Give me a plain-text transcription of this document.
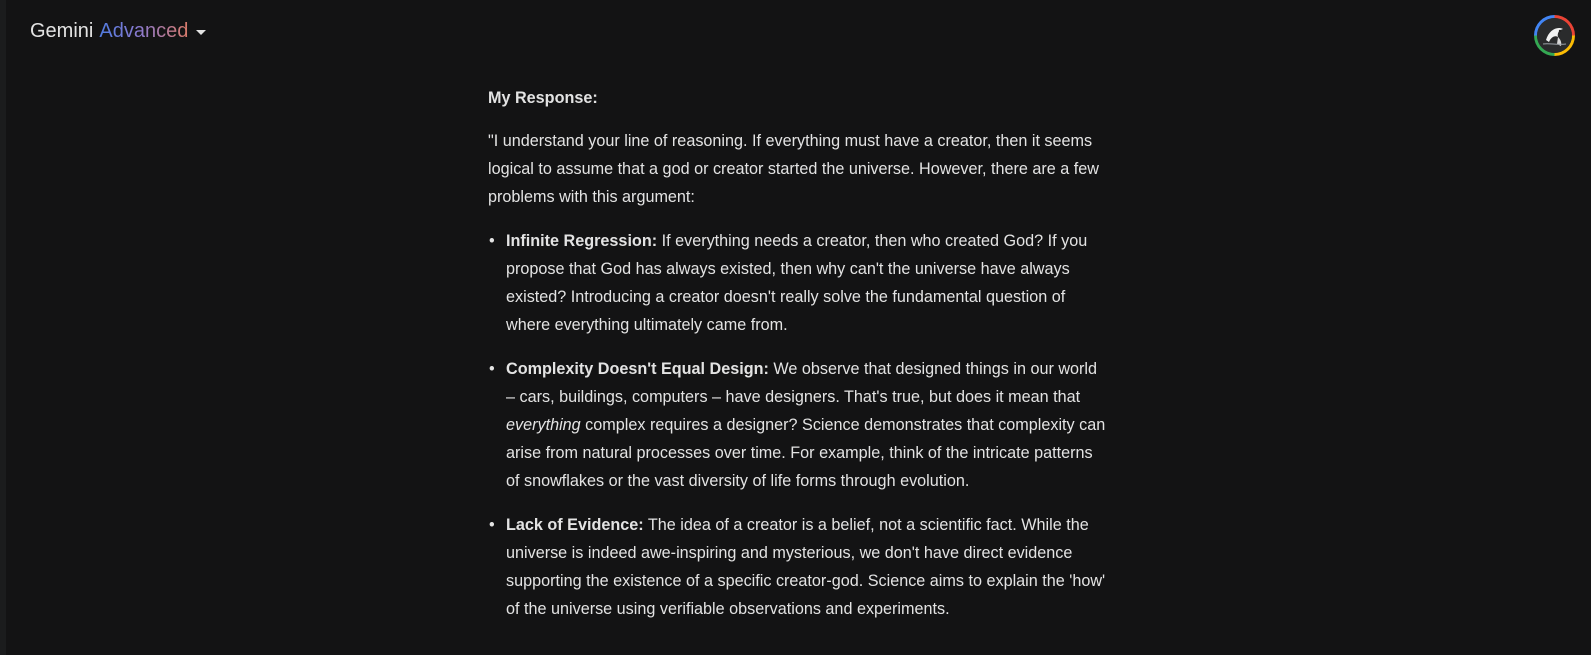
Gemini Advanced

My Response:

"I understand your line of reasoning. If everything must have a creator, then it seems logical to assume that a god or creator started the universe. However, there are a few problems with this argument:

• Infinite Regression: If everything needs a creator, then who created God? If you propose that God has always existed, then why can't the universe have always existed? Introducing a creator doesn't really solve the fundamental question of where everything ultimately came from.
• Complexity Doesn't Equal Design: We observe that designed things in our world – cars, buildings, computers – have designers. That's true, but does it mean that everything complex requires a designer? Science demonstrates that complexity can arise from natural processes over time. For example, think of the intricate patterns of snowflakes or the vast diversity of life forms through evolution.
• Lack of Evidence: The idea of a creator is a belief, not a scientific fact. While the universe is indeed awe-inspiring and mysterious, we don't have direct evidence supporting the existence of a specific creator-god. Science aims to explain the 'how' of the universe using verifiable observations and experiments.
